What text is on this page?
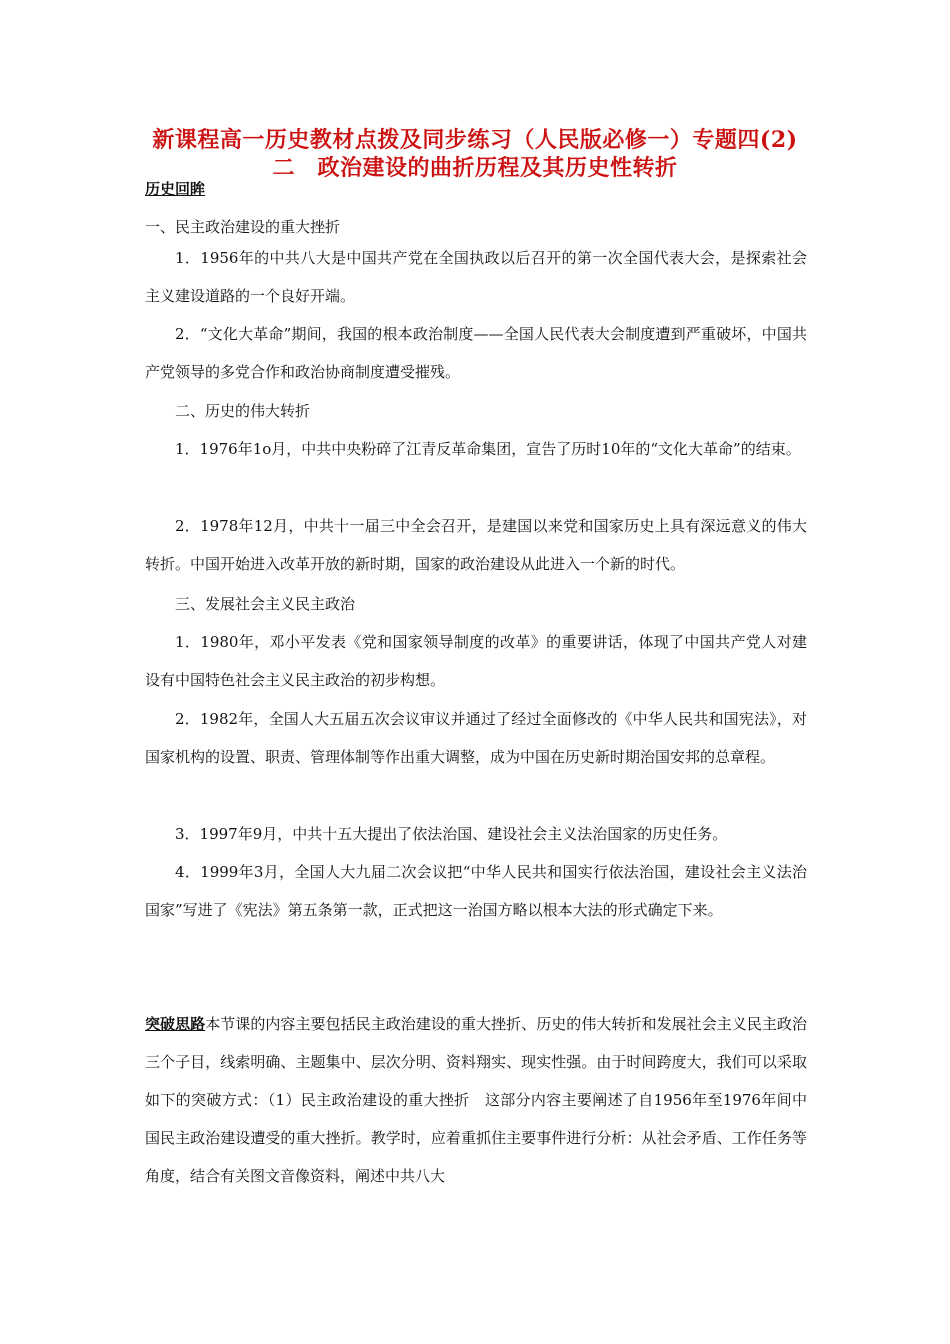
新课程高一历史教材点拨及同步练习（人民版必修一）专题四(2)
二　政治建设的曲折历程及其历史性转折
历史回眸
一、民主政治建设的重大挫折
1．1956年的中共八大是中国共产党在全国执政以后召开的第一次全国代表大会，是探索社会主义建设道路的一个良好开端。
2．“文化大革命”期间，我国的根本政治制度——全国人民代表大会制度遭到严重破坏，中国共产党领导的多党合作和政治协商制度遭受摧残。
二、历史的伟大转折
1．1976年1o月，中共中央粉碎了江青反革命集团，宣告了历时10年的“文化大革命”的结束。
2．1978年12月，中共十一届三中全会召开，是建国以来党和国家历史上具有深远意义的伟大转折。中国开始进入改革开放的新时期，国家的政治建设从此进入一个新的时代。
三、发展社会主义民主政治
1．1980年，邓小平发表《党和国家领导制度的改革》的重要讲话，体现了中国共产党人对建设有中国特色社会主义民主政治的初步构想。
2．1982年，全国人大五届五次会议审议并通过了经过全面修改的《中华人民共和国宪法》，对国家机构的设置、职责、管理体制等作出重大调整，成为中国在历史新时期治国安邦的总章程。
3．1997年9月，中共十五大提出了依法治国、建设社会主义法治国家的历史任务。
4．1999年3月，全国人大九届二次会议把“中华人民共和国实行依法治国，建设社会主义法治国家”写进了《宪法》第五条第一款，正式把这一治国方略以根本大法的形式确定下来。
突破思路本节课的内容主要包括民主政治建设的重大挫折、历史的伟大转折和发展社会主义民主政治三个子目，线索明确、主题集中、层次分明、资料翔实、现实性强。由于时间跨度大，我们可以采取如下的突破方式：（1）民主政治建设的重大挫折　这部分内容主要阐述了自1956年至1976年间中国民主政治建设遭受的重大挫折。教学时，应着重抓住主要事件进行分析：从社会矛盾、工作任务等角度，结合有关图文音像资料，阐述中共八大
